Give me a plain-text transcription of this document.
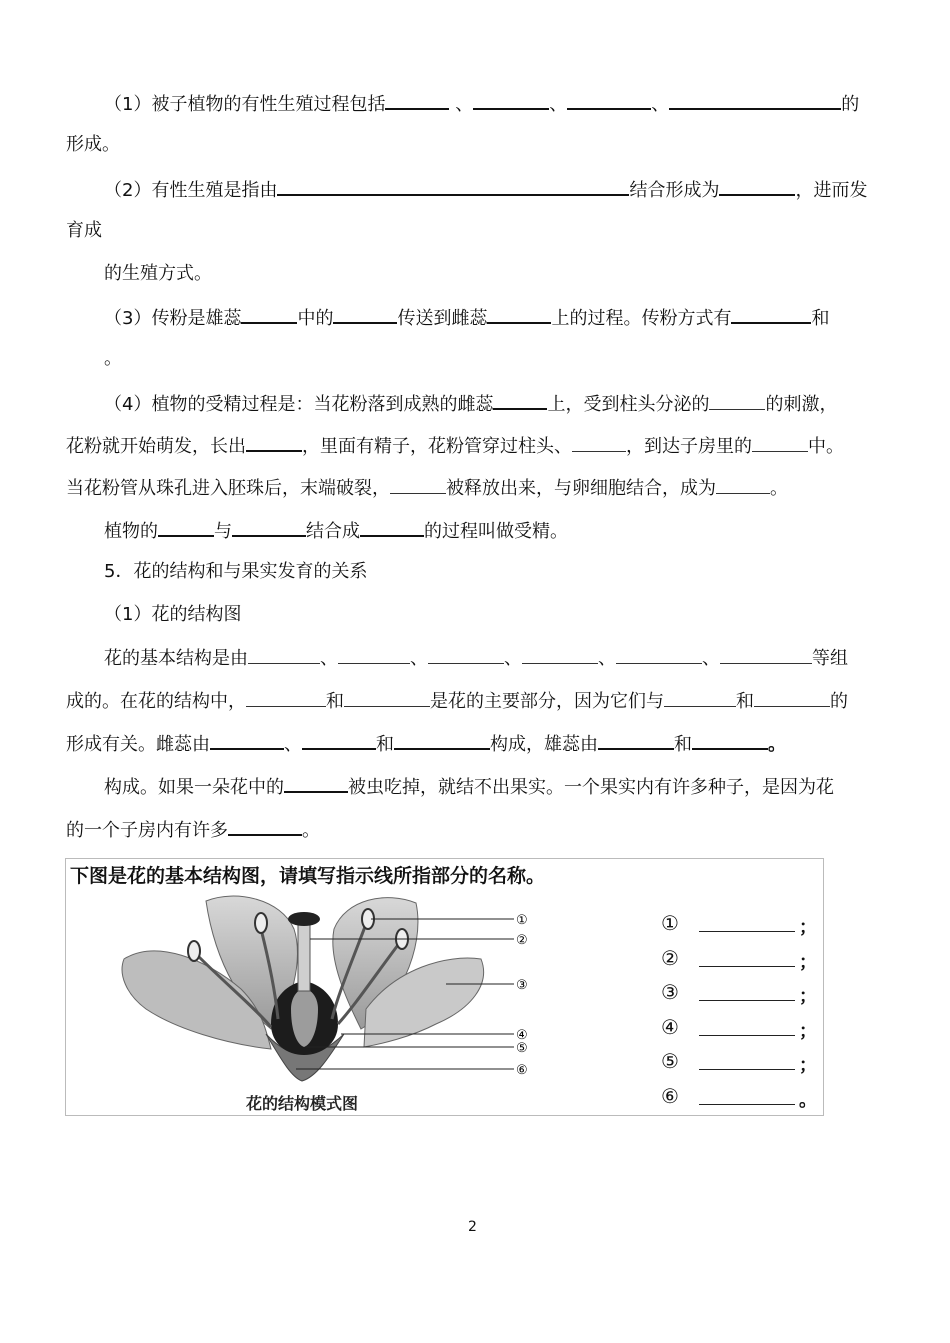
（1）被子植物的有性生殖过程包括	、	、	、	的
形成。
（2）有性生殖是指由	结合形成为	，进而发
育成
的生殖方式。
（3）传粉是雄蕊	中的	传送到雌蕊	上的过程。传粉方式有	和
。
（4）植物的受精过程是：当花粉落到成熟的雌蕊	上，受到柱头分泌的	的刺激，
花粉就开始萌发，长出	，里面有精子，花粉管穿过柱头、	，到达子房里的	中。
当花粉管从珠孔进入胚珠后，末端破裂，	被释放出来，与卵细胞结合，成为	。
植物的	与	结合成	的过程叫做受精。
5．花的结构和与果实发育的关系
（1）花的结构图
花的基本结构是由	、	、	、	、	、	等组
成的。在花的结构中，	和	是花的主要部分，因为它们与	和	的
形成有关。雌蕊由	、	和	构成，雄蕊由	和	。
构成。如果一朵花中的	被虫吃掉，就结不出果实。一个果实内有许多种子，是因为花
的一个子房内有许多	。
下图是花的基本结构图，请填写指示线所指部分的名称。
①
②
③
④
⑤
⑥
花的结构模式图
①	；
②	；
③	；
④	；
⑤	；
⑥	。
2
